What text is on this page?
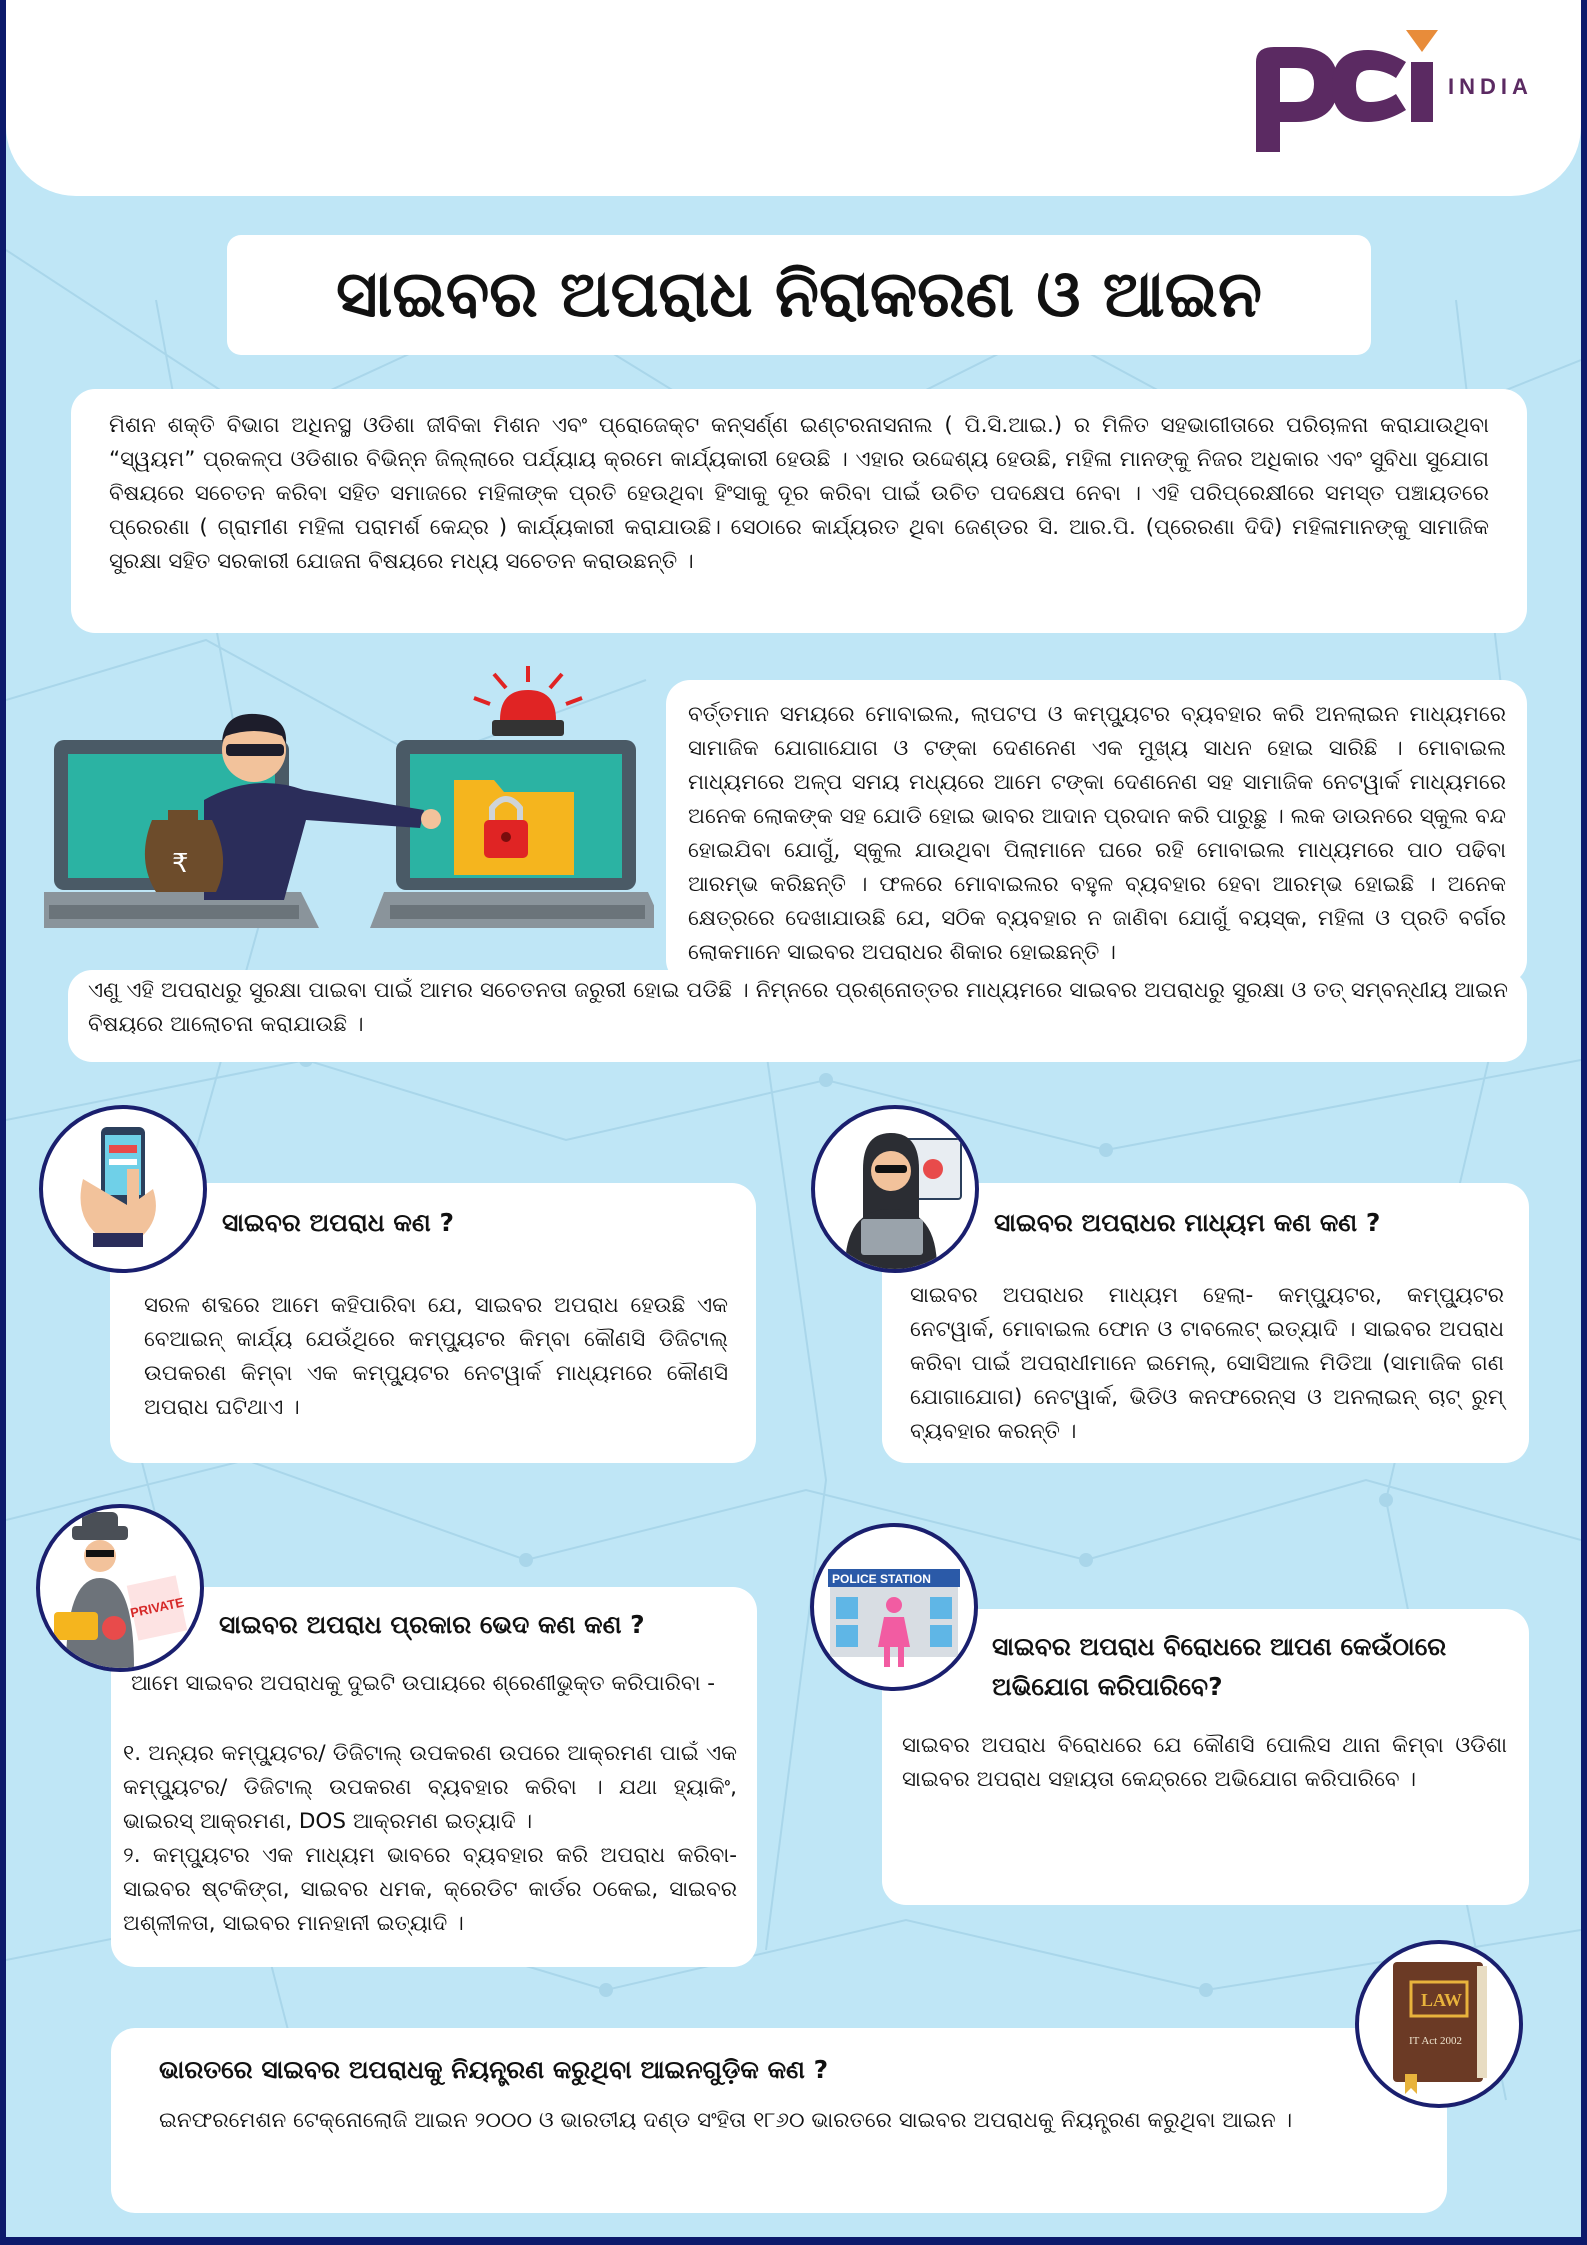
INDIA
ସାଇବର ଅପରାଧ ନିରାକରଣ ଓ ଆଇନ
ମିଶନ ଶକ୍ତି ବିଭାଗ ଅଧିନସ୍ଥ ଓଡିଶା ଜୀବିକା ମିଶନ ଏବଂ ପ୍ରୋଜେକ୍ଟ କନ୍ସର୍ଣ୍ଣ ଇଣ୍ଟରନାସନାଲ ( ପି.ସି.ଆଇ.) ର ମିଳିତ ସହଭାଗୀତାରେ ପରିଚାଳନା କରାଯାଉଥିବା “ସ୍ୱୟମ” ପ୍ରକଳ୍ପ ଓଡିଶାର ବିଭିନ୍ନ ଜିଲ୍ଲାରେ ପର୍ଯ୍ୟାୟ କ୍ରମେ କାର୍ଯ୍ୟକାରୀ ହେଉଛି । ଏହାର ଉଦ୍ଦେଶ୍ୟ ହେଉଛି, ମହିଳା ମାନଙ୍କୁ ନିଜର ଅଧିକାର ଏବଂ ସୁବିଧା ସୁଯୋଗ ବିଷୟରେ ସଚେତନ କରିବା ସହିତ ସମାଜରେ ମହିଳାଙ୍କ ପ୍ରତି ହେଉଥିବା ହିଂସାକୁ ଦୂର କରିବା ପାଇଁ ଉଚିତ ପଦକ୍ଷେପ ନେବା । ଏହି ପରିପ୍ରେକ୍ଷୀରେ ସମସ୍ତ ପଞ୍ଚାୟତରେ ପ୍ରେରଣା ( ଗ୍ରାମୀଣ ମହିଳା ପରାମର୍ଶ କେନ୍ଦ୍ର ) କାର୍ଯ୍ୟକାରୀ କରାଯାଉଛି। ସେଠାରେ କାର୍ଯ୍ୟରତ ଥିବା ଜେଣ୍ଡର ସି. ଆର.ପି. (ପ୍ରେରଣା ଦିଦି) ମହିଳାମାନଙ୍କୁ ସାମାଜିକ ସୁରକ୍ଷା ସହିତ ସରକାରୀ ଯୋଜନା ବିଷୟରେ ମଧ୍ୟ ସଚେତନ କରାଉଛନ୍ତି ।
₹
ବର୍ତ୍ତମାନ ସମୟରେ ମୋବାଇଲ, ଲାପଟପ ଓ କମ୍ପ୍ୟୁଟର ବ୍ୟବହାର କରି ଅନଲାଇନ ମାଧ୍ୟମରେ ସାମାଜିକ ଯୋଗାଯୋଗ ଓ ଟଙ୍କା ଦେଣନେଣ ଏକ ମୁଖ୍ୟ ସାଧନ ହୋଇ ସାରିଛି । ମୋବାଇଲ ମାଧ୍ୟମରେ ଅଳ୍ପ ସମୟ ମଧ୍ୟରେ ଆମେ ଟଙ୍କା ଦେଣନେଣ ସହ ସାମାଜିକ ନେଟୱାର୍କ ମାଧ୍ୟମରେ ଅନେକ ଲୋକଙ୍କ ସହ ଯୋଡି ହୋଇ ଭାବର ଆଦାନ ପ୍ରଦାନ କରି ପାରୁଛୁ । ଲକ ଡାଉନରେ ସ୍କୁଲ ବନ୍ଦ ହୋଇଯିବା ଯୋଗୁଁ, ସ୍କୁଲ ଯାଉଥିବା ପିଲାମାନେ ଘରେ ରହି ମୋବାଇଲ ମାଧ୍ୟମରେ ପାଠ ପଢିବା ଆରମ୍ଭ କରିଛନ୍ତି । ଫଳରେ ମୋବାଇଲର ବହୁଳ ବ୍ୟବହାର ହେବା ଆରମ୍ଭ ହୋଇଛି । ଅନେକ କ୍ଷେତ୍ରରେ ଦେଖାଯାଉଛି ଯେ, ସଠିକ ବ୍ୟବହାର ନ ଜାଣିବା ଯୋଗୁଁ ବୟସ୍କ, ମହିଳା ଓ ପ୍ରତି ବର୍ଗର ଲୋକମାନେ ସାଇବର ଅପରାଧର ଶିକାର ହୋଇଛନ୍ତି ।
ଏଣୁ ଏହି ଅପରାଧରୁ ସୁରକ୍ଷା ପାଇବା ପାଇଁ ଆମର ସଚେତନତା ଜରୁରୀ ହୋଇ ପଡିଛି । ନିମ୍ନରେ ପ୍ରଶ୍ନୋତ୍ତର ମାଧ୍ୟମରେ ସାଇବର ଅପରାଧରୁ ସୁରକ୍ଷା ଓ ତତ୍ ସମ୍ବନ୍ଧୀୟ ଆଇନ ବିଷୟରେ ଆଲୋଚନା କରାଯାଉଛି ।
ସାଇବର ଅପରାଧ କଣ ?
ସରଳ ଶବ୍ଦରେ ଆମେ କହିପାରିବା ଯେ, ସାଇବର ଅପରାଧ ହେଉଛି ଏକ ବେଆଇନ୍ କାର୍ଯ୍ୟ ଯେଉଁଥିରେ କମ୍ପ୍ୟୁଟର କିମ୍ବା କୌଣସି ଡିଜିଟାଲ୍ ଉପକରଣ କିମ୍ବା ଏକ କମ୍ପ୍ୟୁଟର ନେଟୱାର୍କ ମାଧ୍ୟମରେ କୌଣସି ଅପରାଧ ଘଟିଥାଏ ।
ସାଇବର ଅପରାଧର ମାଧ୍ୟମ କଣ କଣ ?
ସାଇବର ଅପରାଧର ମାଧ୍ୟମ ହେଲା- କମ୍ପ୍ୟୁଟର, କମ୍ପ୍ୟୁଟର ନେଟୱାର୍କ, ମୋବାଇଲ ଫୋନ ଓ ଟାବଲେଟ୍ ଇତ୍ୟାଦି । ସାଇବର ଅପରାଧ କରିବା ପାଇଁ ଅପରାଧୀମାନେ ଇମେଲ୍, ସୋସିଆଲ ମିଡିଆ (ସାମାଜିକ ଗଣ ଯୋଗାଯୋଗ) ନେଟୱାର୍କ, ଭିଡିଓ କନଫରେନ୍ସ ଓ ଅନଲାଇନ୍ ଚାଟ୍ ରୁମ୍ ବ୍ୟବହାର କରନ୍ତି ।
ସାଇବର ଅପରାଧ ପ୍ରକାର ଭେଦ କଣ କଣ ?
ଆମେ ସାଇବର ଅପରାଧକୁ ଦୁଇଟି ଉପାୟରେ ଶ୍ରେଣୀଭୁକ୍ତ କରିପାରିବା -
୧. ଅନ୍ୟର କମ୍ପ୍ୟୁଟର/ ଡିଜିଟାଲ୍ ଉପକରଣ ଉପରେ ଆକ୍ରମଣ ପାଇଁ ଏକ କମ୍ପ୍ୟୁଟର/ ଡିଜିଟାଲ୍ ଉପକରଣ ବ୍ୟବହାର କରିବା । ଯଥା ହ୍ୟାକିଂ, ଭାଇରସ୍ ଆକ୍ରମଣ, DOS ଆକ୍ରମଣ ଇତ୍ୟାଦି ।
୨. କମ୍ପ୍ୟୁଟର ଏକ ମାଧ୍ୟମ ଭାବରେ ବ୍ୟବହାର କରି ଅପରାଧ କରିବା- ସାଇବର ଷ୍ଟକିଙ୍ଗ, ସାଇବର ଧମକ, କ୍ରେଡିଟ କାର୍ଡର ଠକେଇ, ସାଇବର ଅଶ୍ଳୀଳତା, ସାଇବର ମାନହାନୀ ଇତ୍ୟାଦି ।
PRIVATE
ସାଇବର ଅପରାଧ ବିରୋଧରେ ଆପଣ କେଉଁଠାରେ ଅଭିଯୋଗ କରିପାରିବେ?
ସାଇବର ଅପରାଧ ବିରୋଧରେ ଯେ କୌଣସି ପୋଲିସ ଥାନା କିମ୍ବା ଓଡିଶା ସାଇବର ଅପରାଧ ସହାୟତା କେନ୍ଦ୍ରରେ ଅଭିଯୋଗ କରିପାରିବେ ।
POLICE STATION
ଭାରତରେ ସାଇବର ଅପରାଧକୁ ନିୟନ୍ତ୍ରଣ କରୁଥିବା ଆଇନଗୁଡ଼ିକ କଣ ?
ଇନଫରମେଶନ ଟେକ୍ନୋଲୋଜି ଆଇନ ୨୦୦୦ ଓ ଭାରତୀୟ ଦଣ୍ଡ ସଂହିତା ୧୮୬୦ ଭାରତରେ ସାଇବର ଅପରାଧକୁ ନିୟନ୍ତ୍ରଣ କରୁଥିବା ଆଇନ ।
LAW
IT Act 2002
